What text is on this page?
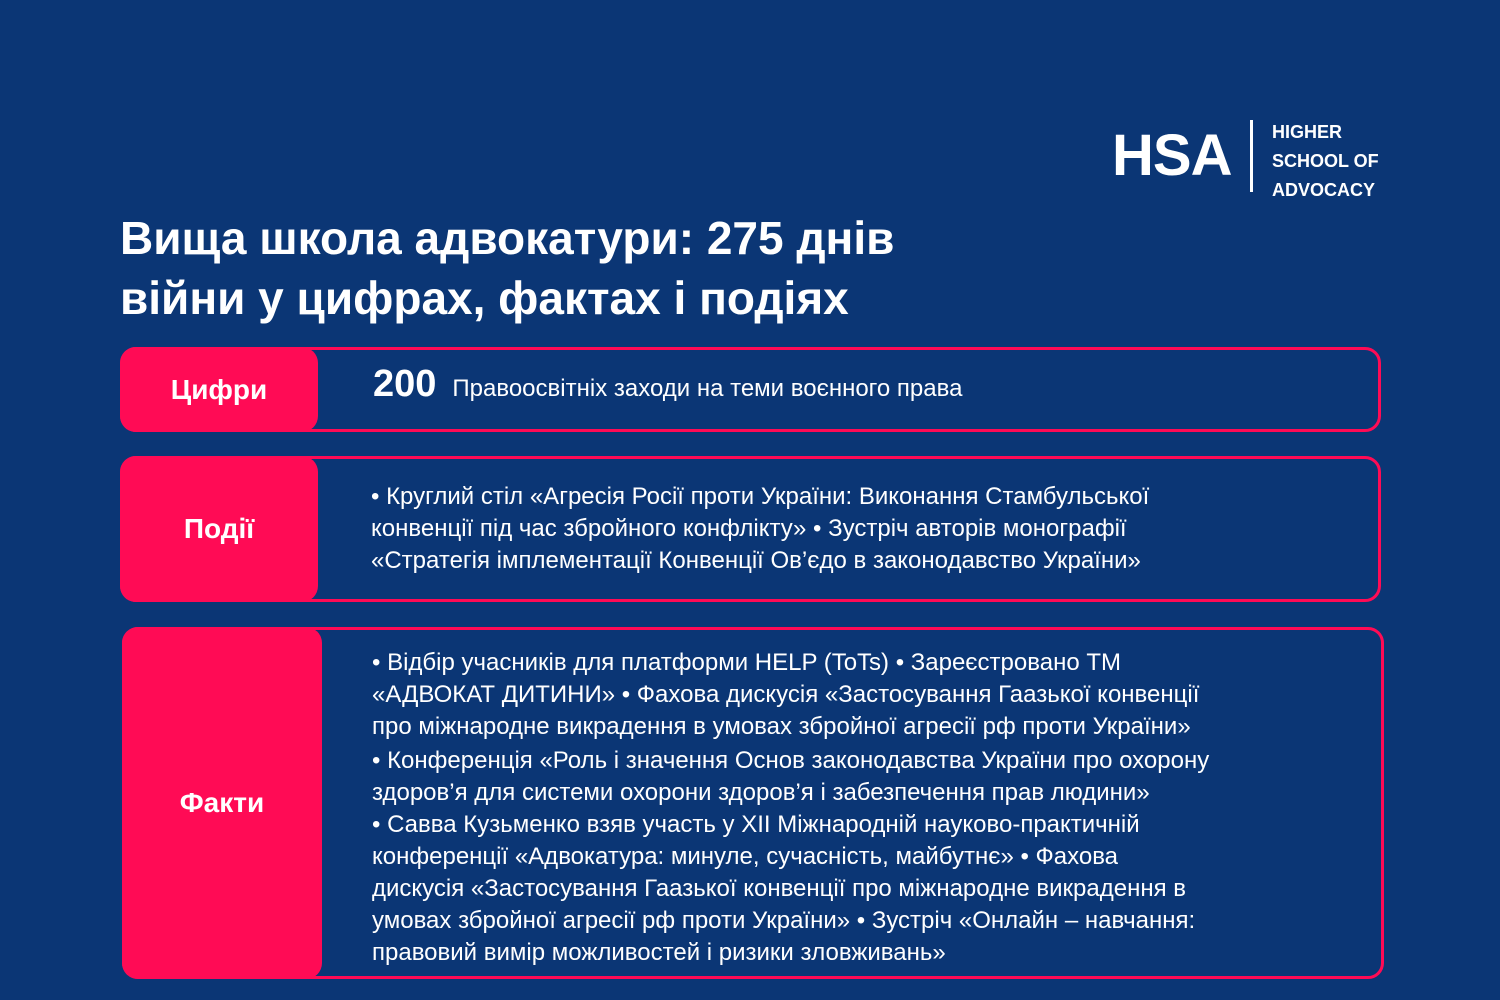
HSA HIGHER
SCHOOL OF
ADVOCACY
Вища школа адвокатури: 275 днів
війни у цифрах, фактах і подіях
Цифри	200 Правоосвітніх заходи на теми воєнного права
Події
• Круглий стіл «Агресія Росії проти України: Виконання Стамбульської
конвенції під час збройного конфлікту» • Зустріч авторів монографії
«Стратегія імплементації Конвенції Ов’єдо в законодавство України»
Факти
• Відбір учасників для платформи HELP (ToTs) • Зареєстровано ТМ
«АДВОКАТ ДИТИНИ» • Фахова дискусія «Застосування Гаазької конвенції
про міжнародне викрадення в умовах збройної агресії рф проти України»
• Конференція «Роль і значення Основ законодавства України про охорону
здоров’я для системи охорони здоров’я і забезпечення прав людини»
• Савва Кузьменко взяв участь у XII Міжнародній науково-практичній
конференції «Адвокатура: минуле, сучасність, майбутнє» • Фахова
дискусія «Застосування Гаазької конвенції про міжнародне викрадення в
умовах збройної агресії рф проти України» • Зустріч «Онлайн – навчання:
правовий вимір можливостей і ризики зловживань»
